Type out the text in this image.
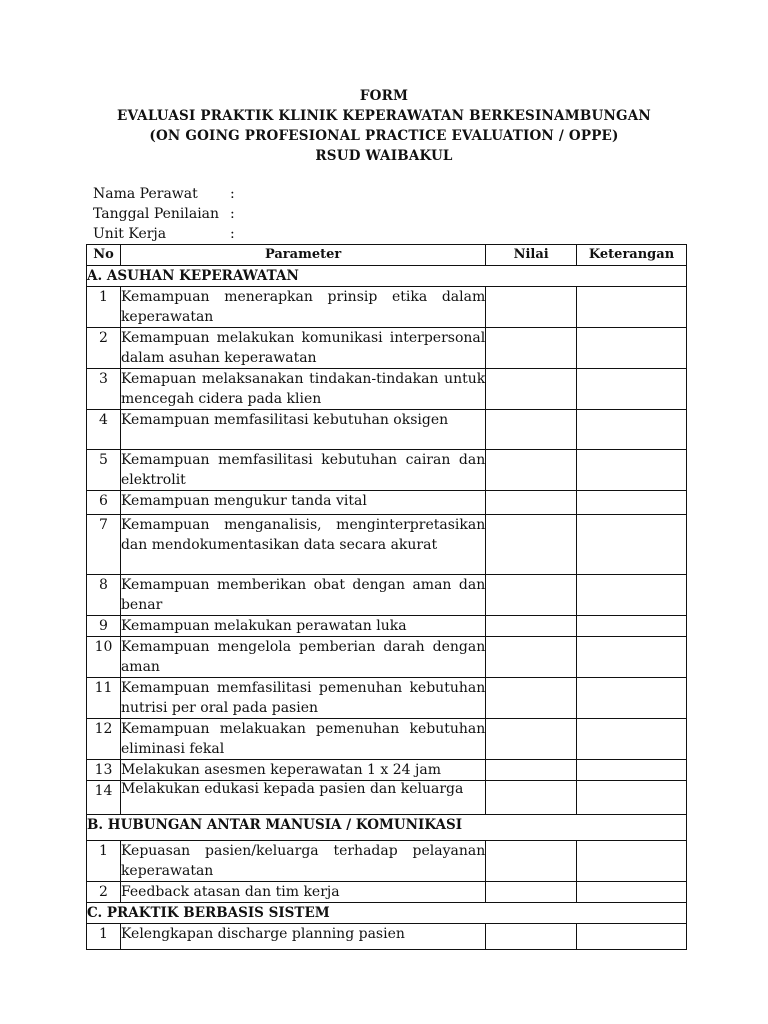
FORM
EVALUASI PRAKTIK KLINIK KEPERAWATAN BERKESINAMBUNGAN
(ON GOING PROFESIONAL PRACTICE EVALUATION / OPPE)
RSUD WAIBAKUL
Nama Perawat :
Tanggal Penilaian :
Unit Kerja	:
No	Parameter	Nilai	Keterangan
A. ASUHAN KEPERAWATAN			
1	Kemampuan menerapkan prinsip etika dalam keperawatan		
2	Kemampuan melakukan komunikasi interpersonal dalam asuhan keperawatan		
3	Kemapuan melaksanakan tindakan-tindakan untuk mencegah cidera pada klien		
4	Kemampuan memfasilitasi kebutuhan oksigen		
5	Kemampuan memfasilitasi kebutuhan cairan dan elektrolit		
6	Kemampuan mengukur tanda vital		
7	Kemampuan menganalisis, menginterpretasikan dan mendokumentasikan data secara akurat		
8	Kemampuan memberikan obat dengan aman dan benar		
9	Kemampuan melakukan perawatan luka		
10	Kemampuan mengelola pemberian darah dengan aman		
11	Kemampuan memfasilitasi pemenuhan kebutuhan nutrisi per oral pada pasien		
12	Kemampuan melakuakan pemenuhan kebutuhan eliminasi fekal		
13	Melakukan asesmen keperawatan 1 x 24 jam		
14	Melakukan edukasi kepada pasien dan keluarga		
B. HUBUNGAN ANTAR MANUSIA / KOMUNIKASI			
1	Kepuasan pasien/keluarga terhadap pelayanan keperawatan		
2	Feedback atasan dan tim kerja		
C. PRAKTIK BERBASIS SISTEM			
1	Kelengkapan discharge planning pasien		
